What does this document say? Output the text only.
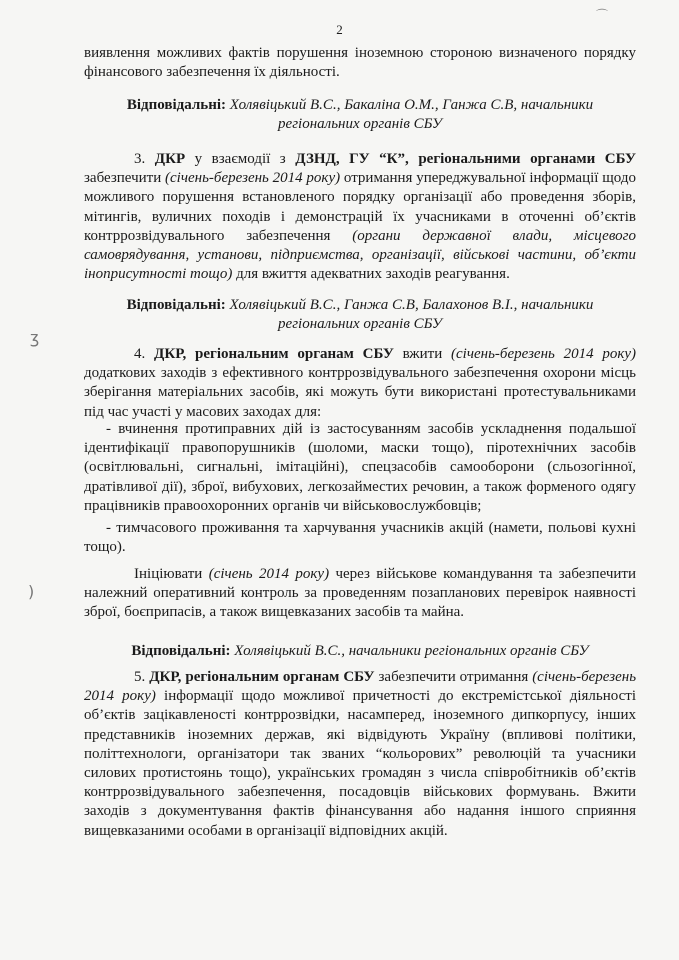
2
⌒
ʒ
)
виявлення можливих фактів порушення іноземною стороною визначеного порядку фінансового забезпечення їх діяльності.
Відповідальні: Холявіцький В.С., Бакаліна О.М., Ганжа С.В, начальники
регіональних органів СБУ
3. ДКР у взаємодії з ДЗНД, ГУ “К”, регіональними органами СБУ забезпечити (січень-березень 2014 року) отримання упереджувальної інформації щодо можливого порушення встановленого порядку організації або проведення зборів, мітингів, вуличних походів і демонстрацій їх учасниками в оточенні об’єктів контррозвідувального забезпечення (органи державної влади, місцевого самоврядування, установи, підприємства, організації, військові частини, об’єкти іноприсутності тощо) для вжиття адекватних заходів реагування.
Відповідальні: Холявіцький В.С., Ганжа С.В, Балахонов В.І., начальники
регіональних органів СБУ
4. ДКР, регіональним органам СБУ вжити (січень-березень 2014 року) додаткових заходів з ефективного контррозвідувального забезпечення охорони місць зберігання матеріальних засобів, які можуть бути використані протестувальниками під час участі у масових заходах для:
- вчинення протиправних дій із застосуванням засобів ускладнення подальшої ідентифікації правопорушників (шоломи, маски тощо), піротехнічних засобів (освітлювальні, сигнальні, імітаційні), спецзасобів самооборони (сльозогінної, дратівливої дії), зброї, вибухових, легкозайместих речовин, а також форменого одягу працівників правоохоронних органів чи військовослужбовців;
- тимчасового проживання та харчування учасників акцій (намети, польові кухні тощо).
Ініціювати (січень 2014 року) через військове командування та забезпечити належний оперативний контроль за проведенням позапланових перевірок наявності зброї, боєприпасів, а також вищевказаних засобів та майна.
Відповідальні: Холявіцький В.С., начальники регіональних органів СБУ
5. ДКР, регіональним органам СБУ забезпечити отримання (січень-березень 2014 року) інформації щодо можливої причетності до екстремістської діяльності об’єктів зацікавленості контррозвідки, насамперед, іноземного дипкорпусу, інших представників іноземних держав, які відвідують Україну (впливові політики, політтехнологи, організатори так званих “кольорових” революцій та учасники силових протистоянь тощо), українських громадян з числа співробітників об’єктів контррозвідувального забезпечення, посадовців військових формувань. Вжити заходів з документування фактів фінансування або надання іншого сприяння вищевказаними особами в організації відповідних акцій.
